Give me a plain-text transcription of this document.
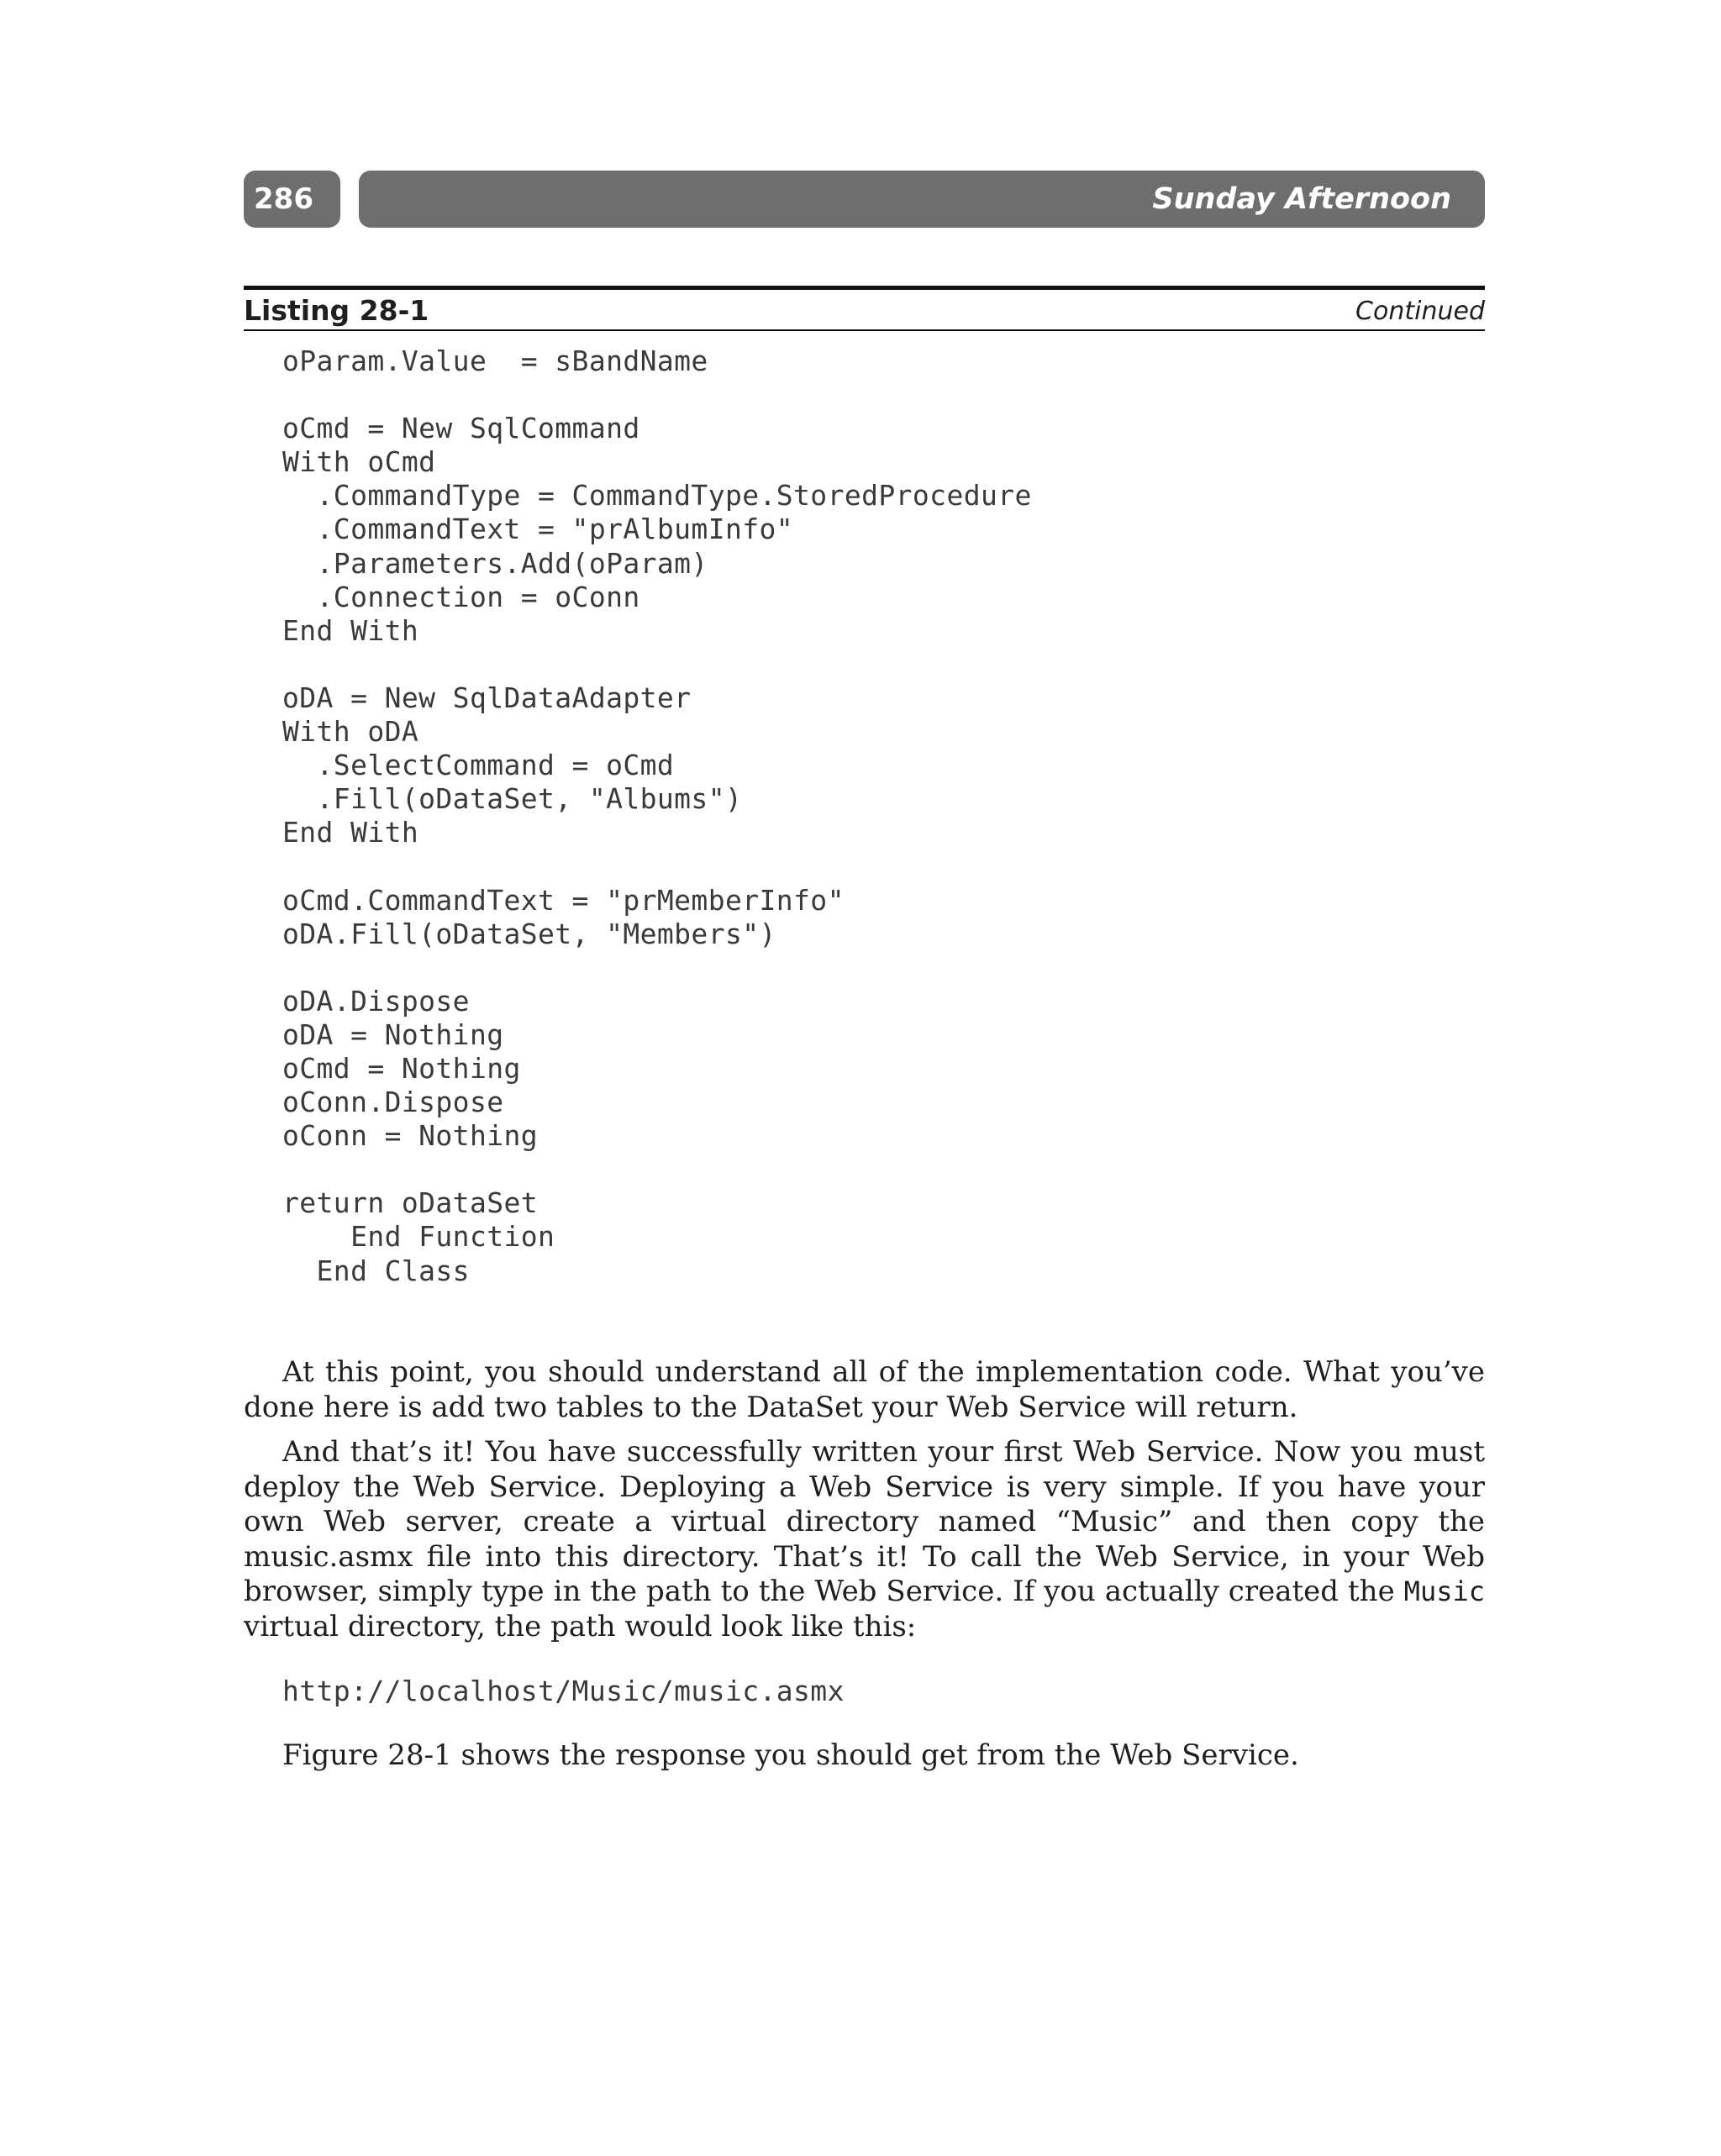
286	Sunday Afternoon
Listing 28-1	Continued
oParam.Value  = sBandName

oCmd = New SqlCommand
With oCmd
.CommandType = CommandType.StoredProcedure
.CommandText = "prAlbumInfo"
.Parameters.Add(oParam)
.Connection = oConn
End With

oDA = New SqlDataAdapter
With oDA
.SelectCommand = oCmd
.Fill(oDataSet, "Albums")
End With

oCmd.CommandText = "prMemberInfo"
oDA.Fill(oDataSet, "Members")

oDA.Dispose
oDA = Nothing
oCmd = Nothing
oConn.Dispose
oConn = Nothing

return oDataSet
End Function
End Class

At this point, you should understand all of the implementation code. What you’ve done here is add two tables to the DataSet your Web Service will return.

And that’s it! You have successfully written your first Web Service. Now you must deploy the Web Service. Deploying a Web Service is very simple. If you have your own Web server, create a virtual directory named “Music” and then copy the music.asmx file into this directory. That’s it! To call the Web Service, in your Web browser, simply type in the path to the Web Service. If you actually created the Music virtual directory, the path would look like this:

http://localhost/Music/music.asmx

Figure 28-1 shows the response you should get from the Web Service.
